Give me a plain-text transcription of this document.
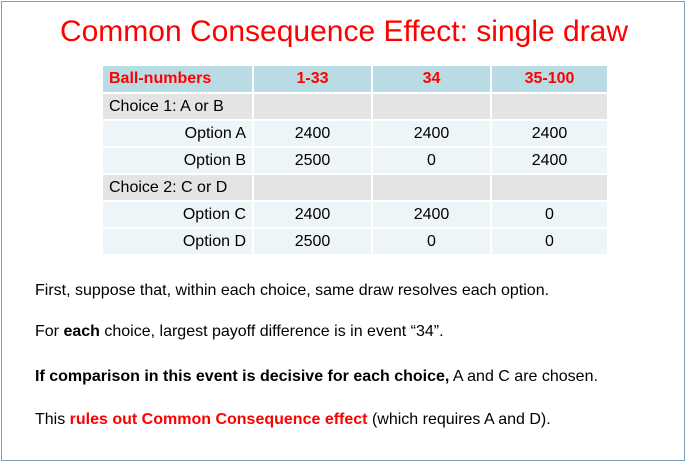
Common Consequence Effect: single draw
Ball-numbers	1-33	34	35-100
Choice 1: A or B			
Option A	2400	2400	2400
Option B	2500	0	2400
Choice 2: C or D			
Option C	2400	2400	0
Option D	2500	0	0
First, suppose that, within each choice, same draw resolves each option.
For each choice, largest payoff difference is in event “34”.
If comparison in this event is decisive for each choice, A and C are chosen.
This rules out Common Consequence effect (which requires A and D).
